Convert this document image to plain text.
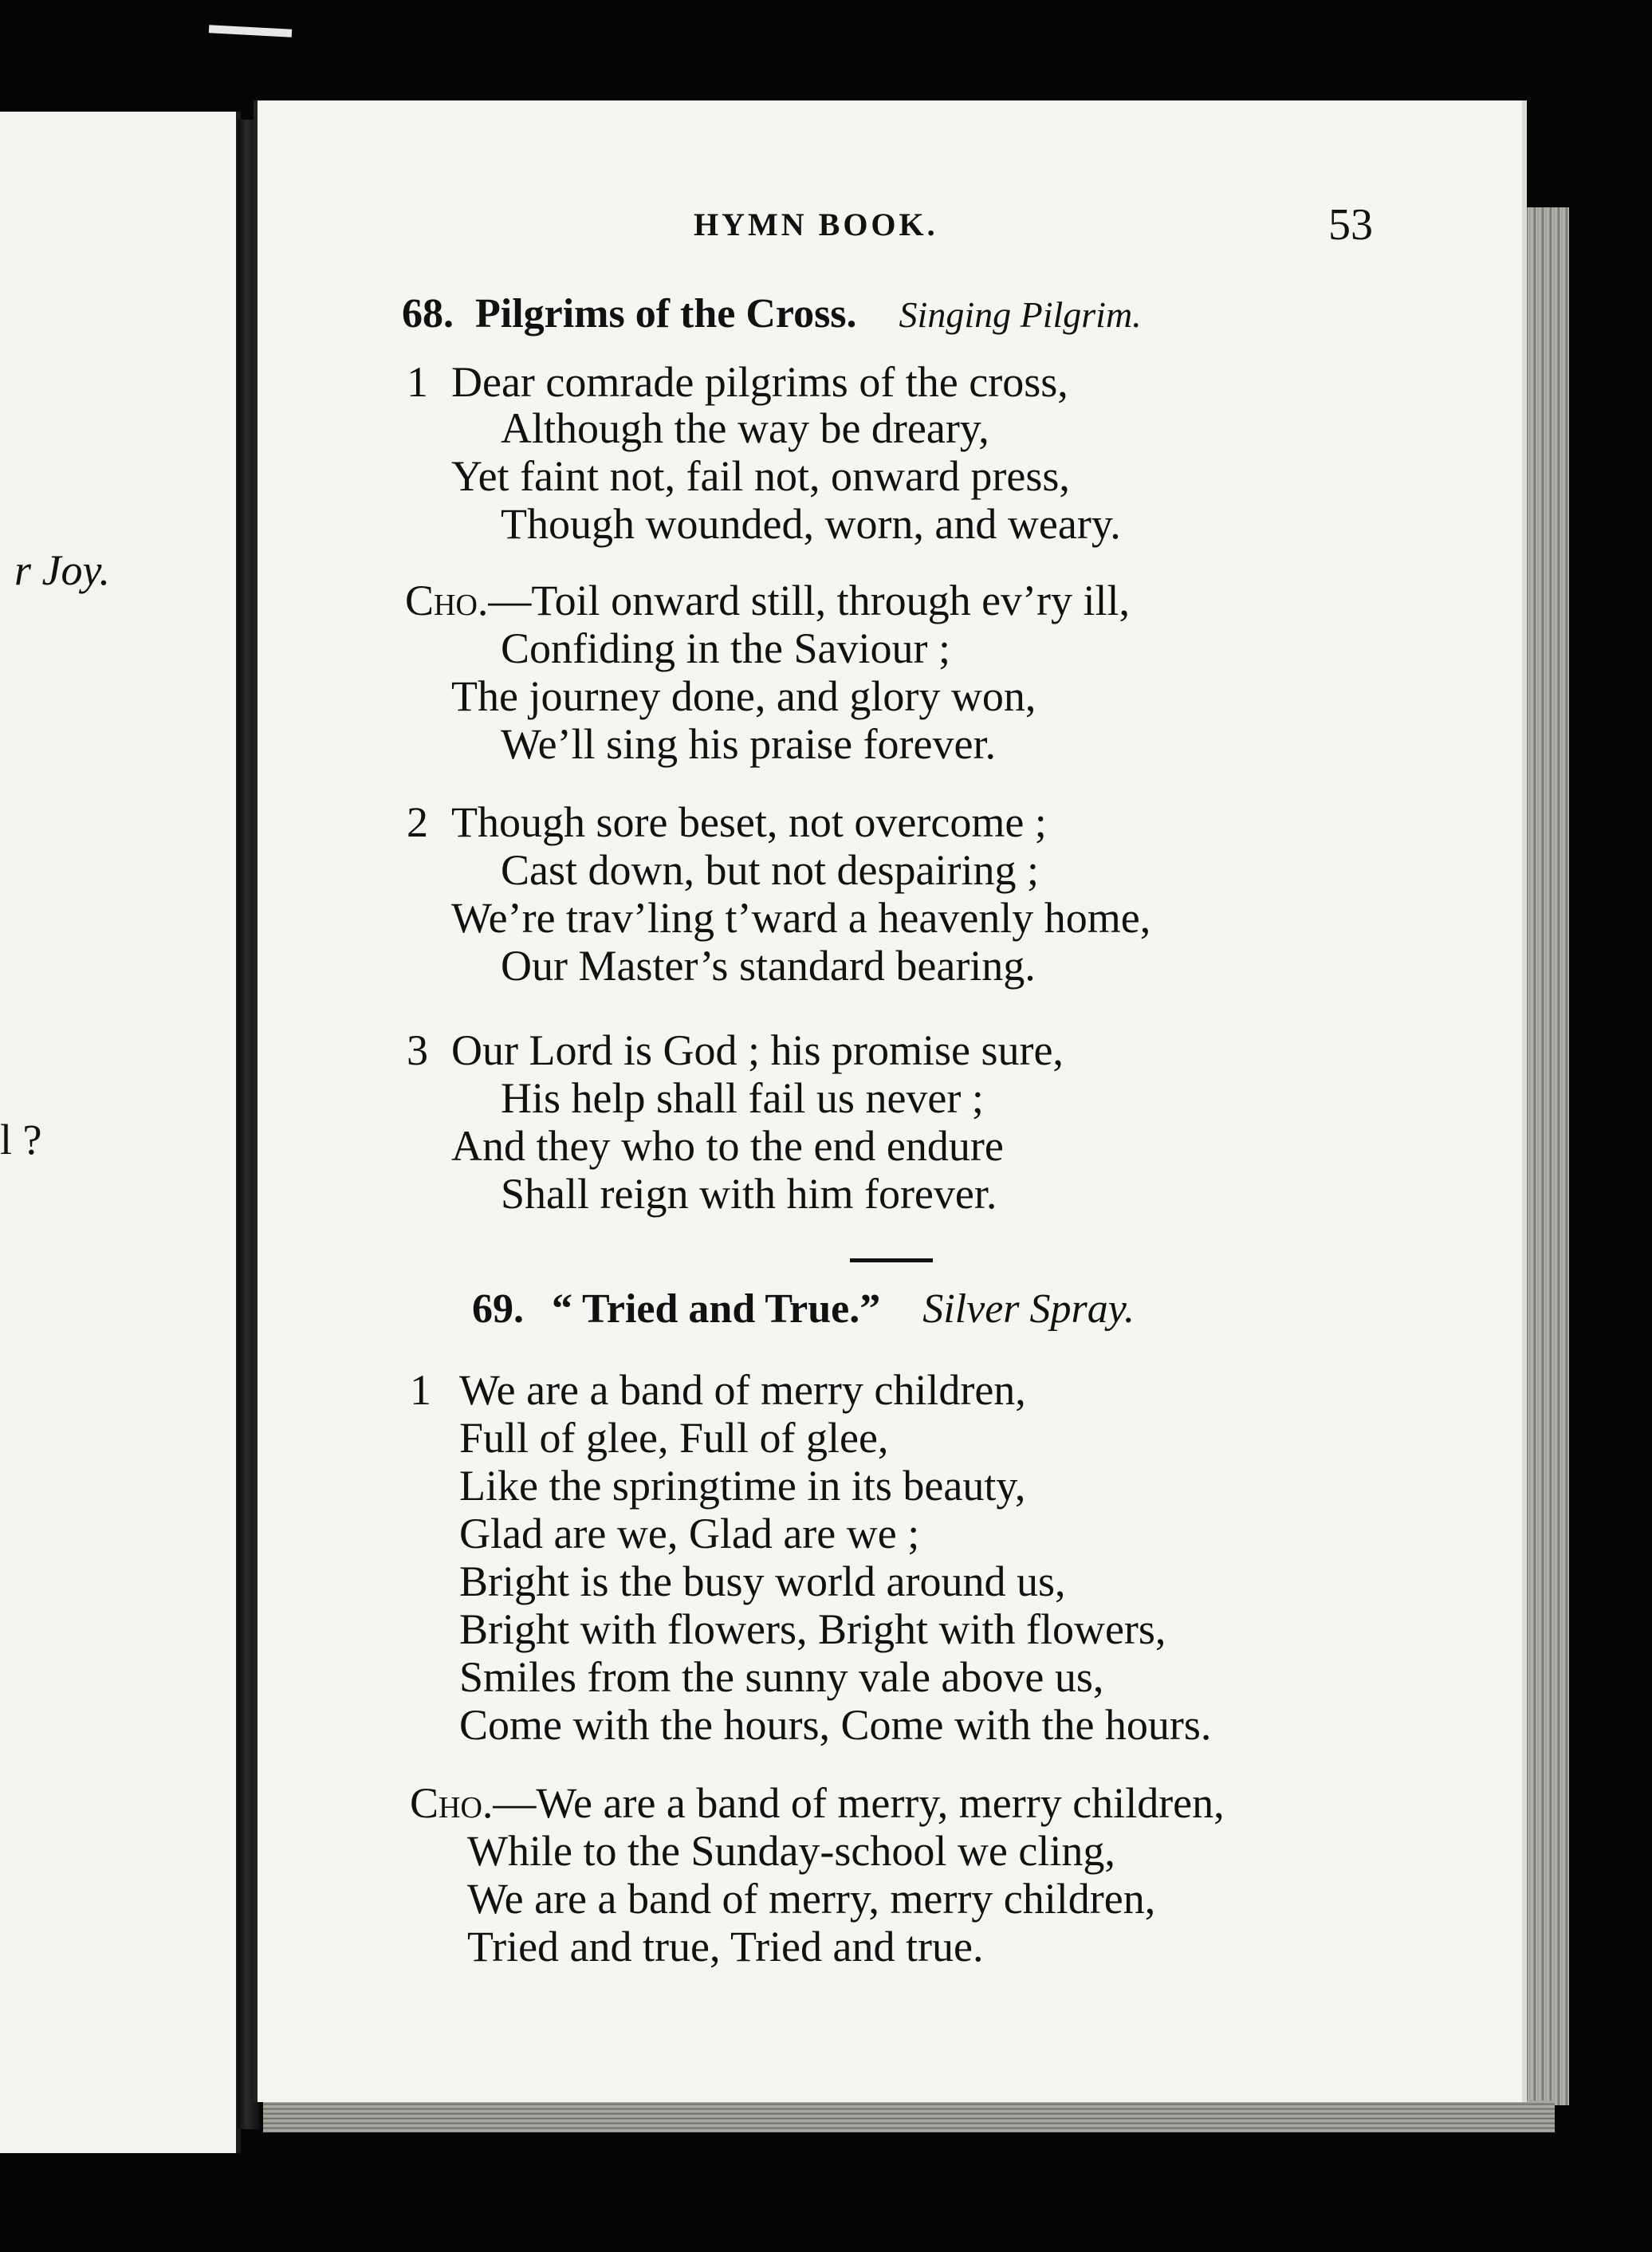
r Joy.
l ?
HYMN BOOK.	53
68. Pilgrims of the Cross. Singing Pilgrim.
1 Dear comrade pilgrims of the cross,
Although the way be dreary,
Yet faint not, fail not, onward press,
Though wounded, worn, and weary.
Cho.—Toil onward still, through ev’ry ill,
Confiding in the Saviour ;
The journey done, and glory won,
We’ll sing his praise forever.
2 Though sore beset, not overcome ;
Cast down, but not despairing ;
We’re trav’ling t’ward a heavenly home,
Our Master’s standard bearing.
3 Our Lord is God ; his promise sure,
His help shall fail us never ;
And they who to the end endure
Shall reign with him forever.
69. “ Tried and True.” Silver Spray.
1 We are a band of merry children,
Full of glee, Full of glee,
Like the springtime in its beauty,
Glad are we, Glad are we ;
Bright is the busy world around us,
Bright with flowers, Bright with flowers,
Smiles from the sunny vale above us,
Come with the hours, Come with the hours.
Cho.—We are a band of merry, merry children,
While to the Sunday-school we cling,
We are a band of merry, merry children,
Tried and true, Tried and true.
